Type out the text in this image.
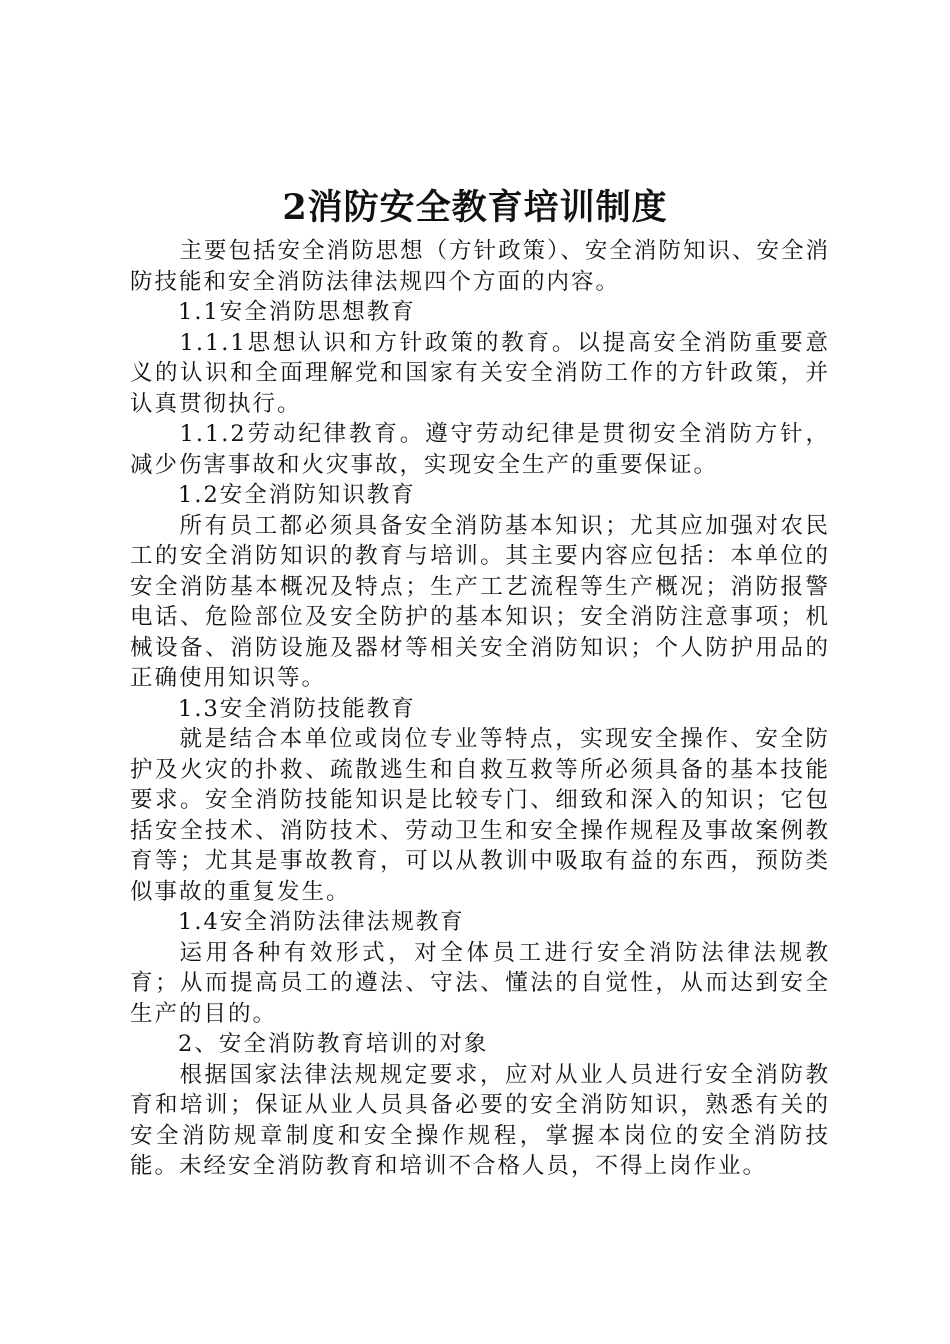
2消防安全教育培训制度

主要包括安全消防思想（方针政策）、安全消防知识、安全消防技能和安全消防法律法规四个方面的内容。

1.1安全消防思想教育

1.1.1思想认识和方针政策的教育。以提高安全消防重要意义的认识和全面理解党和国家有关安全消防工作的方针政策，并认真贯彻执行。

1.1.2劳动纪律教育。遵守劳动纪律是贯彻安全消防方针，减少伤害事故和火灾事故，实现安全生产的重要保证。

1.2安全消防知识教育

所有员工都必须具备安全消防基本知识；尤其应加强对农民工的安全消防知识的教育与培训。其主要内容应包括：本单位的安全消防基本概况及特点；生产工艺流程等生产概况；消防报警电话、危险部位及安全防护的基本知识；安全消防注意事项；机械设备、消防设施及器材等相关安全消防知识；个人防护用品的正确使用知识等。

1.3安全消防技能教育

就是结合本单位或岗位专业等特点，实现安全操作、安全防护及火灾的扑救、疏散逃生和自救互救等所必须具备的基本技能要求。安全消防技能知识是比较专门、细致和深入的知识；它包括安全技术、消防技术、劳动卫生和安全操作规程及事故案例教育等；尤其是事故教育，可以从教训中吸取有益的东西，预防类似事故的重复发生。

1.4安全消防法律法规教育

运用各种有效形式，对全体员工进行安全消防法律法规教育；从而提高员工的遵法、守法、懂法的自觉性，从而达到安全生产的目的。

2、安全消防教育培训的对象

根据国家法律法规规定要求，应对从业人员进行安全消防教育和培训；保证从业人员具备必要的安全消防知识，熟悉有关的安全消防规章制度和安全操作规程，掌握本岗位的安全消防技能。未经安全消防教育和培训不合格人员，不得上岗作业。
